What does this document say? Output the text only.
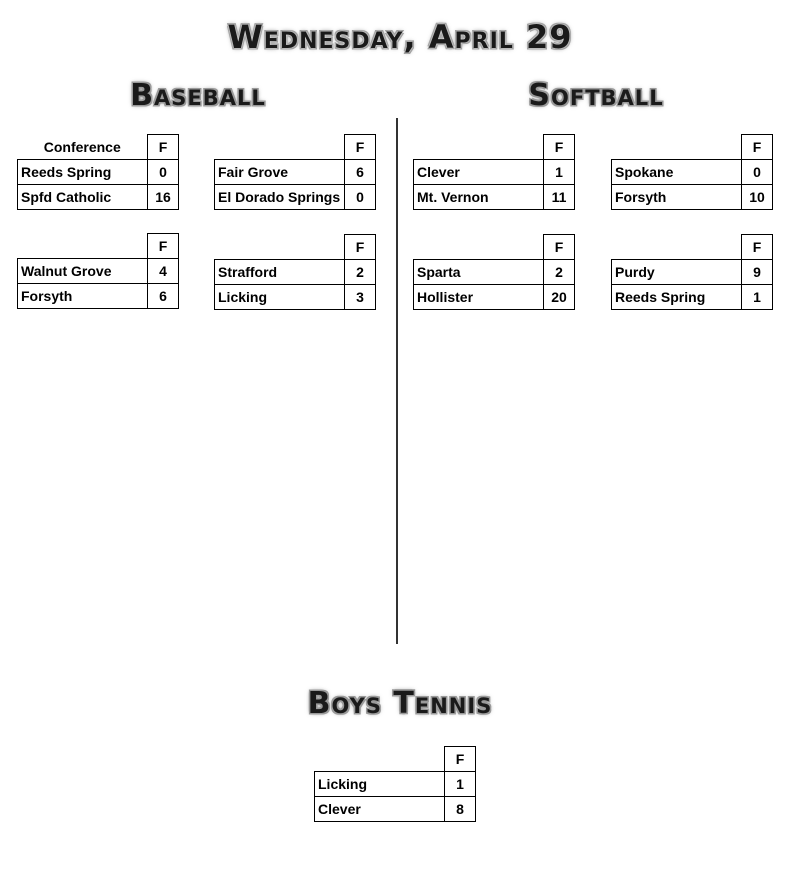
Wednesday, April 29
Baseball	Softball
Conference	F
Reeds Spring	0
Spfd Catholic	16
	F
Fair Grove	6
El Dorado Springs	0
	F
Walnut Grove	4
Forsyth	6
	F
Strafford	2
Licking	3
	F
Clever	1
Mt. Vernon	11
	F
Spokane	0
Forsyth	10
	F
Sparta	2
Hollister	20
	F
Purdy	9
Reeds Spring	1
Boys Tennis
	F
Licking	1
Clever	8
